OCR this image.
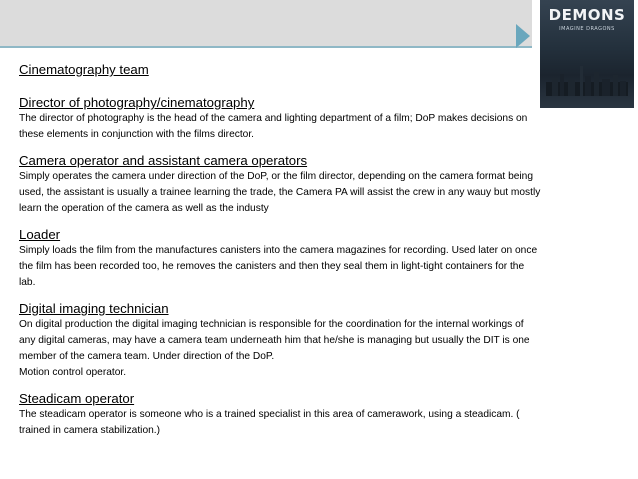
DEMONS
IMAGINE DRAGONS
Cinematography team
Director of photography/cinematography
The director of photography is the head of the camera and lighting department of a film; DoP makes decisions on
these elements in conjunction with the films director.
Camera operator and assistant camera operators
Simply operates the camera under direction of the DoP, or the film director, depending on the camera format being
used, the assistant is usually a trainee learning the trade, the Camera PA will assist the crew in any wauy but mostly
learn the operation of the camera as well as the industy
Loader
Simply loads the film from the manufactures canisters into the camera magazines for recording. Used later on once
the film has been recorded too, he removes the canisters and then they seal them in light-tight containers for the
lab.
Digital imaging technician
On digital production the digital imaging technician is responsible for the coordination for the internal workings of
any digital cameras, may have a camera team underneath him that he/she is managing but usually the DIT is one
member of the camera team. Under direction of the DoP.
Motion control operator.
Steadicam operator
The steadicam operator is someone who is a trained specialist in this area of camerawork, using a steadicam. (
trained in camera stabilization.)
